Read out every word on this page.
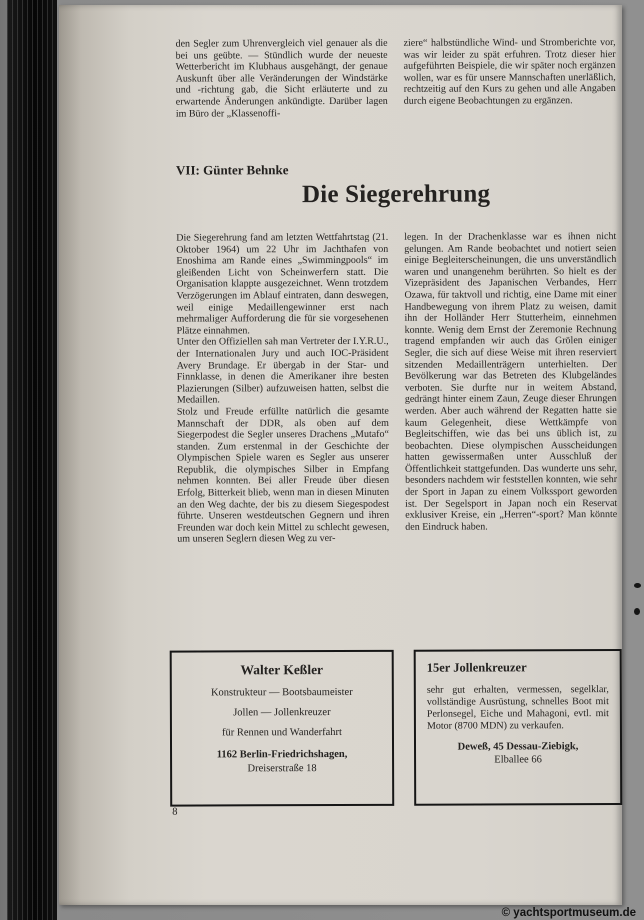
den Segler zum Uhrenvergleich viel genauer als die bei uns geübte. — Stündlich wurde der neueste Wetterbericht im Klubhaus ausgehängt, der genaue Auskunft über alle Veränderungen der Windstärke und -richtung gab, die Sicht erläuterte und zu erwartende Änderungen ankündigte. Darüber lagen im Büro der „Klassenoffi-

ziere“ halbstündliche Wind- und Stromberichte vor, was wir leider zu spät erfuhren. Trotz dieser hier aufgeführten Beispiele, die wir später noch ergänzen wollen, war es für unsere Mannschaften unerläßlich, rechtzeitig auf den Kurs zu gehen und alle Angaben durch eigene Beobachtungen zu ergänzen.

VII: Günter Behnke
Die Siegerehrung

Die Siegerehrung fand am letzten Wettfahrtstag (21. Oktober 1964) um 22 Uhr im Jachthafen von Enoshima am Rande eines „Swimmingpools“ im gleißenden Licht von Scheinwerfern statt. Die Organisation klappte ausgezeichnet. Wenn trotzdem Verzögerungen im Ablauf eintraten, dann deswegen, weil einige Medaillengewinner erst nach mehrmaliger Aufforderung die für sie vorgesehenen Plätze einnahmen.

Unter den Offiziellen sah man Vertreter der I.Y.R.U., der Internationalen Jury und auch IOC-Präsident Avery Brundage. Er übergab in der Star- und Finnklasse, in denen die Amerikaner ihre besten Plazierungen (Silber) aufzuweisen hatten, selbst die Medaillen.

Stolz und Freude erfüllte natürlich die gesamte Mannschaft der DDR, als oben auf dem Siegerpodest die Segler unseres Drachens „Mutafo“ standen. Zum erstenmal in der Geschichte der Olympischen Spiele waren es Segler aus unserer Republik, die olympisches Silber in Empfang nehmen konnten. Bei aller Freude über diesen Erfolg, Bitterkeit blieb, wenn man in diesen Minuten an den Weg dachte, der bis zu diesem Siegespodest führte. Unseren westdeutschen Gegnern und ihren Freunden war doch kein Mittel zu schlecht gewesen, um unseren Seglern diesen Weg zu ver-

legen. In der Drachenklasse war es ihnen nicht gelungen. Am Rande beobachtet und notiert seien einige Begleiterscheinungen, die uns unverständlich waren und unangenehm berührten. So hielt es der Vizepräsident des Japanischen Verbandes, Herr Ozawa, für taktvoll und richtig, eine Dame mit einer Handbewegung von ihrem Platz zu weisen, damit ihn der Holländer Herr Stutterheim, einnehmen konnte. Wenig dem Ernst der Zeremonie Rechnung tragend empfanden wir auch das Grölen einiger Segler, die sich auf diese Weise mit ihren reserviert sitzenden Medaillenträgern unterhielten. Der Bevölkerung war das Betreten des Klubgeländes verboten. Sie durfte nur in weitem Abstand, gedrängt hinter einem Zaun, Zeuge dieser Ehrungen werden. Aber auch während der Regatten hatte sie kaum Gelegenheit, diese Wettkämpfe von Begleitschiffen, wie das bei uns üblich ist, zu beobachten. Diese olympischen Ausscheidungen hatten gewissermaßen unter Ausschluß der Öffentlichkeit stattgefunden. Das wunderte uns sehr, besonders nachdem wir feststellen konnten, wie sehr der Sport in Japan zu einem Volkssport geworden ist. Der Segelsport in Japan noch ein Reservat exklusiver Kreise, ein „Herren“-sport? Man könnte den Eindruck haben.

Walter Keßler
Konstrukteur — Bootsbaumeister
Jollen — Jollenkreuzer
für Rennen und Wanderfahrt
1162 Berlin-Friedrichshagen,
Dreiserstraße 18
15er Jollenkreuzer
sehr gut erhalten, vermessen, segelklar, vollständige Ausrüstung, schnelles Boot mit Perlonsegel, Eiche und Mahagoni, evtl. mit Motor (8700 MDN) zu verkaufen.
Deweß, 45 Dessau-Ziebigk,
Elballee 66
8
© yachtsportmuseum.de
